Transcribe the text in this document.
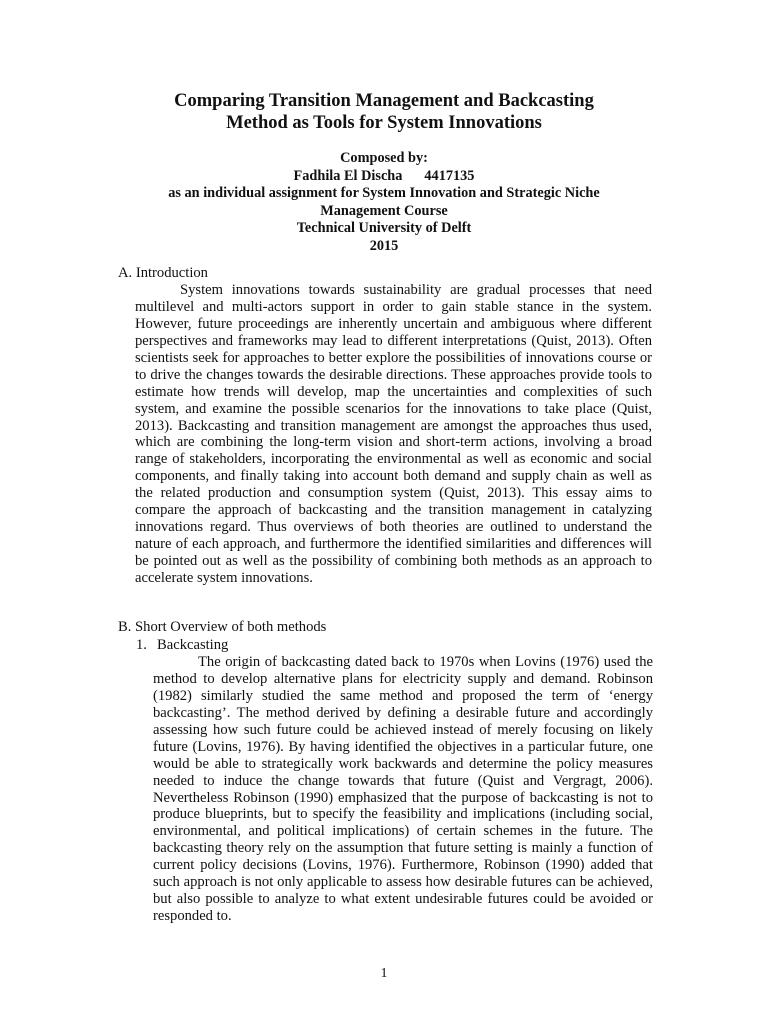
Comparing Transition Management and Backcasting
Method as Tools for System Innovations
Composed by:
Fadhila El Discha 4417135
as an individual assignment for System Innovation and Strategic Niche
Management Course
Technical University of Delft
2015
A. Introduction

System innovations towards sustainability are gradual processes that need multilevel and multi-actors support in order to gain stable stance in the system. However, future proceedings are inherently uncertain and ambiguous where different perspectives and frameworks may lead to different interpretations (Quist, 2013). Often scientists seek for approaches to better explore the possibilities of innovations course or to drive the changes towards the desirable directions. These approaches provide tools to estimate how trends will develop, map the uncertainties and complexities of such system, and examine the possible scenarios for the innovations to take place (Quist, 2013). Backcasting and transition management are amongst the approaches thus used, which are combining the long-term vision and short-term actions, involving a broad range of stakeholders, incorporating the environmental as well as economic and social components, and finally taking into account both demand and supply chain as well as the related production and consumption system (Quist, 2013). This essay aims to compare the approach of backcasting and the transition management in catalyzing innovations regard. Thus overviews of both theories are outlined to understand the nature of each approach, and furthermore the identified similarities and differences will be pointed out as well as the possibility of combining both methods as an approach to accelerate system innovations.

B. Short Overview of both methods
1. Backcasting

The origin of backcasting dated back to 1970s when Lovins (1976) used the method to develop alternative plans for electricity supply and demand. Robinson (1982) similarly studied the same method and proposed the term of ‘energy backcasting’. The method derived by defining a desirable future and accordingly assessing how such future could be achieved instead of merely focusing on likely future (Lovins, 1976). By having identified the objectives in a particular future, one would be able to strategically work backwards and determine the policy measures needed to induce the change towards that future (Quist and Vergragt, 2006). Nevertheless Robinson (1990) emphasized that the purpose of backcasting is not to produce blueprints, but to specify the feasibility and implications (including social, environmental, and political implications) of certain schemes in the future. The backcasting theory rely on the assumption that future setting is mainly a function of current policy decisions (Lovins, 1976). Furthermore, Robinson (1990) added that such approach is not only applicable to assess how desirable futures can be achieved, but also possible to analyze to what extent undesirable futures could be avoided or responded to.

1
